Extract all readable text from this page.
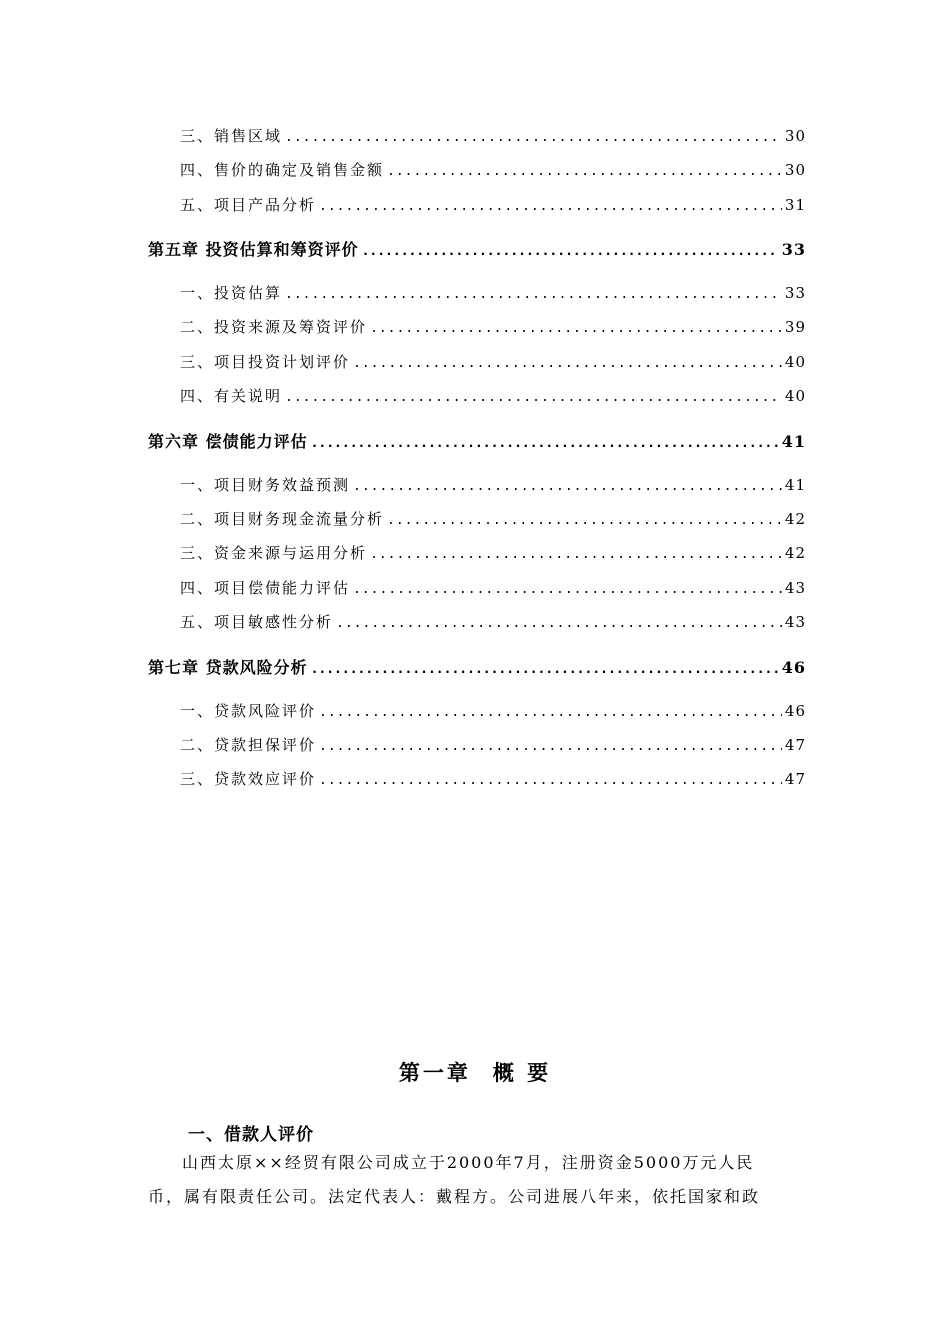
三、销售区域 .....	30
四、售价的确定及销售金额 .....	30
五、项目产品分析 .....	31
第五章 投资估算和筹资评价 .....	33
一、投资估算 .....	33
二、投资来源及筹资评价 .....	39
三、项目投资计划评价 .....	40
四、有关说明 .....	40
第六章 偿债能力评估 .....	41
一、项目财务效益预测 .....	41
二、项目财务现金流量分析 .....	42
三、资金来源与运用分析 .....	42
四、项目偿债能力评估 .....	43
五、项目敏感性分析 .....	43
第七章 贷款风险分析 .....	46
一、贷款风险评价 .....	46
二、贷款担保评价 .....	47
三、贷款效应评价 .....	47
第一章 概 要
一、借款人评价
山西太原××经贸有限公司成立于2000年7月，注册资金5000万元人民
币，属有限责任公司。法定代表人：戴程方。公司进展八年来，依托国家和政
